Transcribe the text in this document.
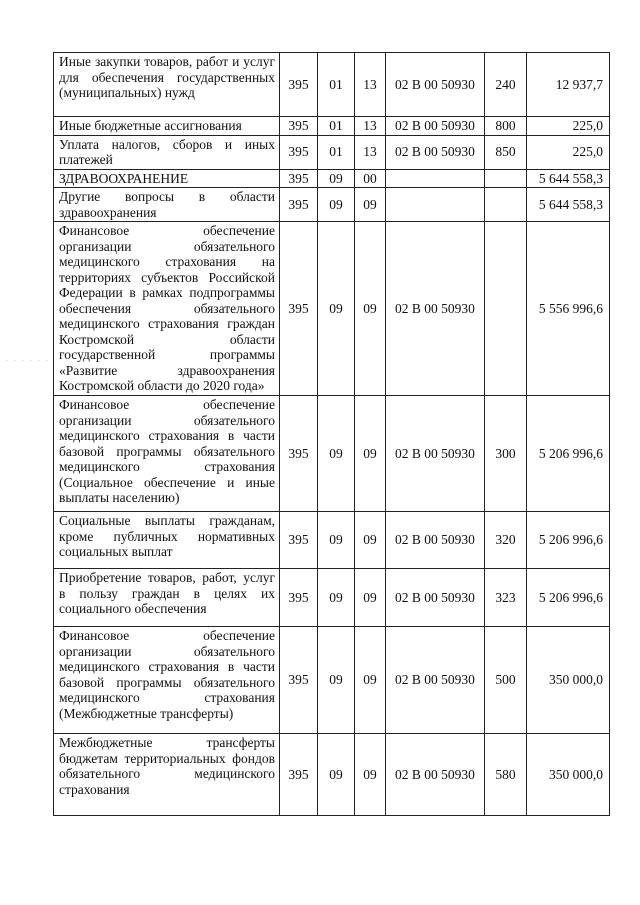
. . . . . .
Иные закупки товаров, работ и услуг для обеспечения государственных (муниципальных) нужд	395	01	13	02 В 00 50930	240	12 937,7
Иные бюджетные ассигнования	395	01	13	02 В 00 50930	800	225,0
Уплата налогов, сборов и иных платежей	395	01	13	02 В 00 50930	850	225,0
ЗДРАВООХРАНЕНИЕ	395	09	00			5 644 558,3
Другие вопросы в области здравоохранения	395	09	09			5 644 558,3
Финансовое обеспечение организации обязательного медицинского страхования на территориях субъектов Российской Федерации в рамках подпрограммы обеспечения обязательного медицинского страхования граждан Костромской области государственной программы «Развитие здравоохранения Костромской области до 2020 года»	395	09	09	02 В 00 50930		5 556 996,6
Финансовое обеспечение организации обязательного медицинского страхования в части базовой программы обязательного медицинского страхования (Социальное обеспечение и иные выплаты населению)	395	09	09	02 В 00 50930	300	5 206 996,6
Социальные выплаты гражданам, кроме публичных нормативных социальных выплат	395	09	09	02 В 00 50930	320	5 206 996,6
Приобретение товаров, работ, услуг в пользу граждан в целях их социального обеспечения	395	09	09	02 В 00 50930	323	5 206 996,6
Финансовое обеспечение организации обязательного медицинского страхования в части базовой программы обязательного медицинского страхования (Межбюджетные трансферты)	395	09	09	02 В 00 50930	500	350 000,0
Межбюджетные трансферты бюджетам территориальных фондов обязательного медицинского страхования	395	09	09	02 В 00 50930	580	350 000,0
